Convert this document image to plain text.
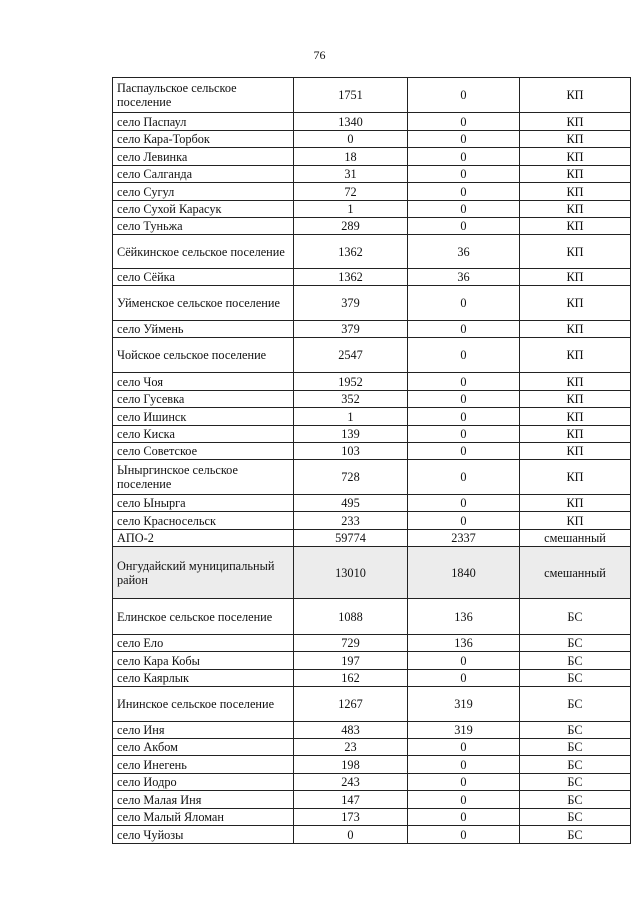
76
Паспаульское сельское поселение	1751	0	КП
село Паспаул	1340	0	КП
село Кара-Торбок	0	0	КП
село Левинка	18	0	КП
село Салганда	31	0	КП
село Сугул	72	0	КП
село Сухой Карасук	1	0	КП
село Туньжа	289	0	КП
Сёйкинское сельское поселение	1362	36	КП
село Сёйка	1362	36	КП
Уйменское сельское поселение	379	0	КП
село Уймень	379	0	КП
Чойское сельское поселение	2547	0	КП
село Чоя	1952	0	КП
село Гусевка	352	0	КП
село Ишинск	1	0	КП
село Киска	139	0	КП
село Советское	103	0	КП
Ыныргинское сельское поселение	728	0	КП
село Ынырга	495	0	КП
село Красносельск	233	0	КП
АПО-2	59774	2337	смешанный
Онгудайский муниципальный район	13010	1840	смешанный
Елинское сельское поселение	1088	136	БС
село Ело	729	136	БС
село Кара Кобы	197	0	БС
село Каярлык	162	0	БС
Ининское сельское поселение	1267	319	БС
село Иня	483	319	БС
село Акбом	23	0	БС
село Инегень	198	0	БС
село Иодро	243	0	БС
село Малая Иня	147	0	БС
село Малый Яломан	173	0	БС
село Чуйозы	0	0	БС
